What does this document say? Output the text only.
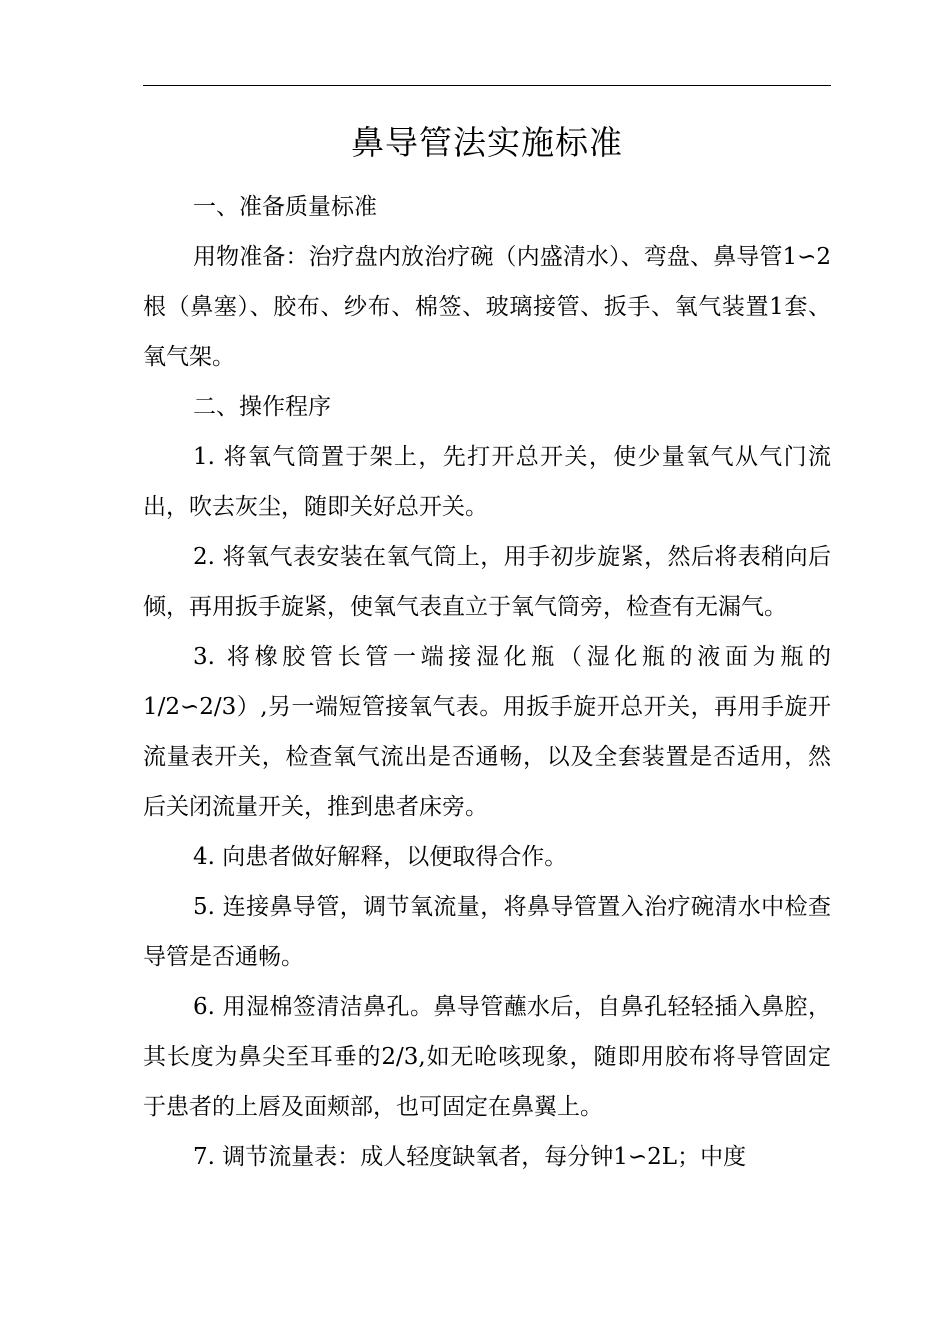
鼻导管法实施标准

一、准备质量标准

用物准备：治疗盘内放治疗碗（内盛清水）、弯盘、鼻导管1∽2根（鼻塞）、胶布、纱布、棉签、玻璃接管、扳手、氧气装置1套、氧气架。

二、操作程序

1. 将氧气筒置于架上，先打开总开关，使少量氧气从气门流出，吹去灰尘，随即关好总开关。

2. 将氧气表安装在氧气筒上，用手初步旋紧，然后将表稍向后倾，再用扳手旋紧，使氧气表直立于氧气筒旁，检查有无漏气。

3. 将橡胶管长管一端接湿化瓶（湿化瓶的液面为瓶的1/2∽2/3）,另一端短管接氧气表。用扳手旋开总开关，再用手旋开流量表开关，检查氧气流出是否通畅，以及全套装置是否适用，然后关闭流量开关，推到患者床旁。

4. 向患者做好解释，以便取得合作。

5. 连接鼻导管，调节氧流量，将鼻导管置入治疗碗清水中检查导管是否通畅。

6. 用湿棉签清洁鼻孔。鼻导管蘸水后，自鼻孔轻轻插入鼻腔，其长度为鼻尖至耳垂的2/3,如无呛咳现象，随即用胶布将导管固定于患者的上唇及面颊部，也可固定在鼻翼上。

7. 调节流量表：成人轻度缺氧者，每分钟1∽2L；中度
